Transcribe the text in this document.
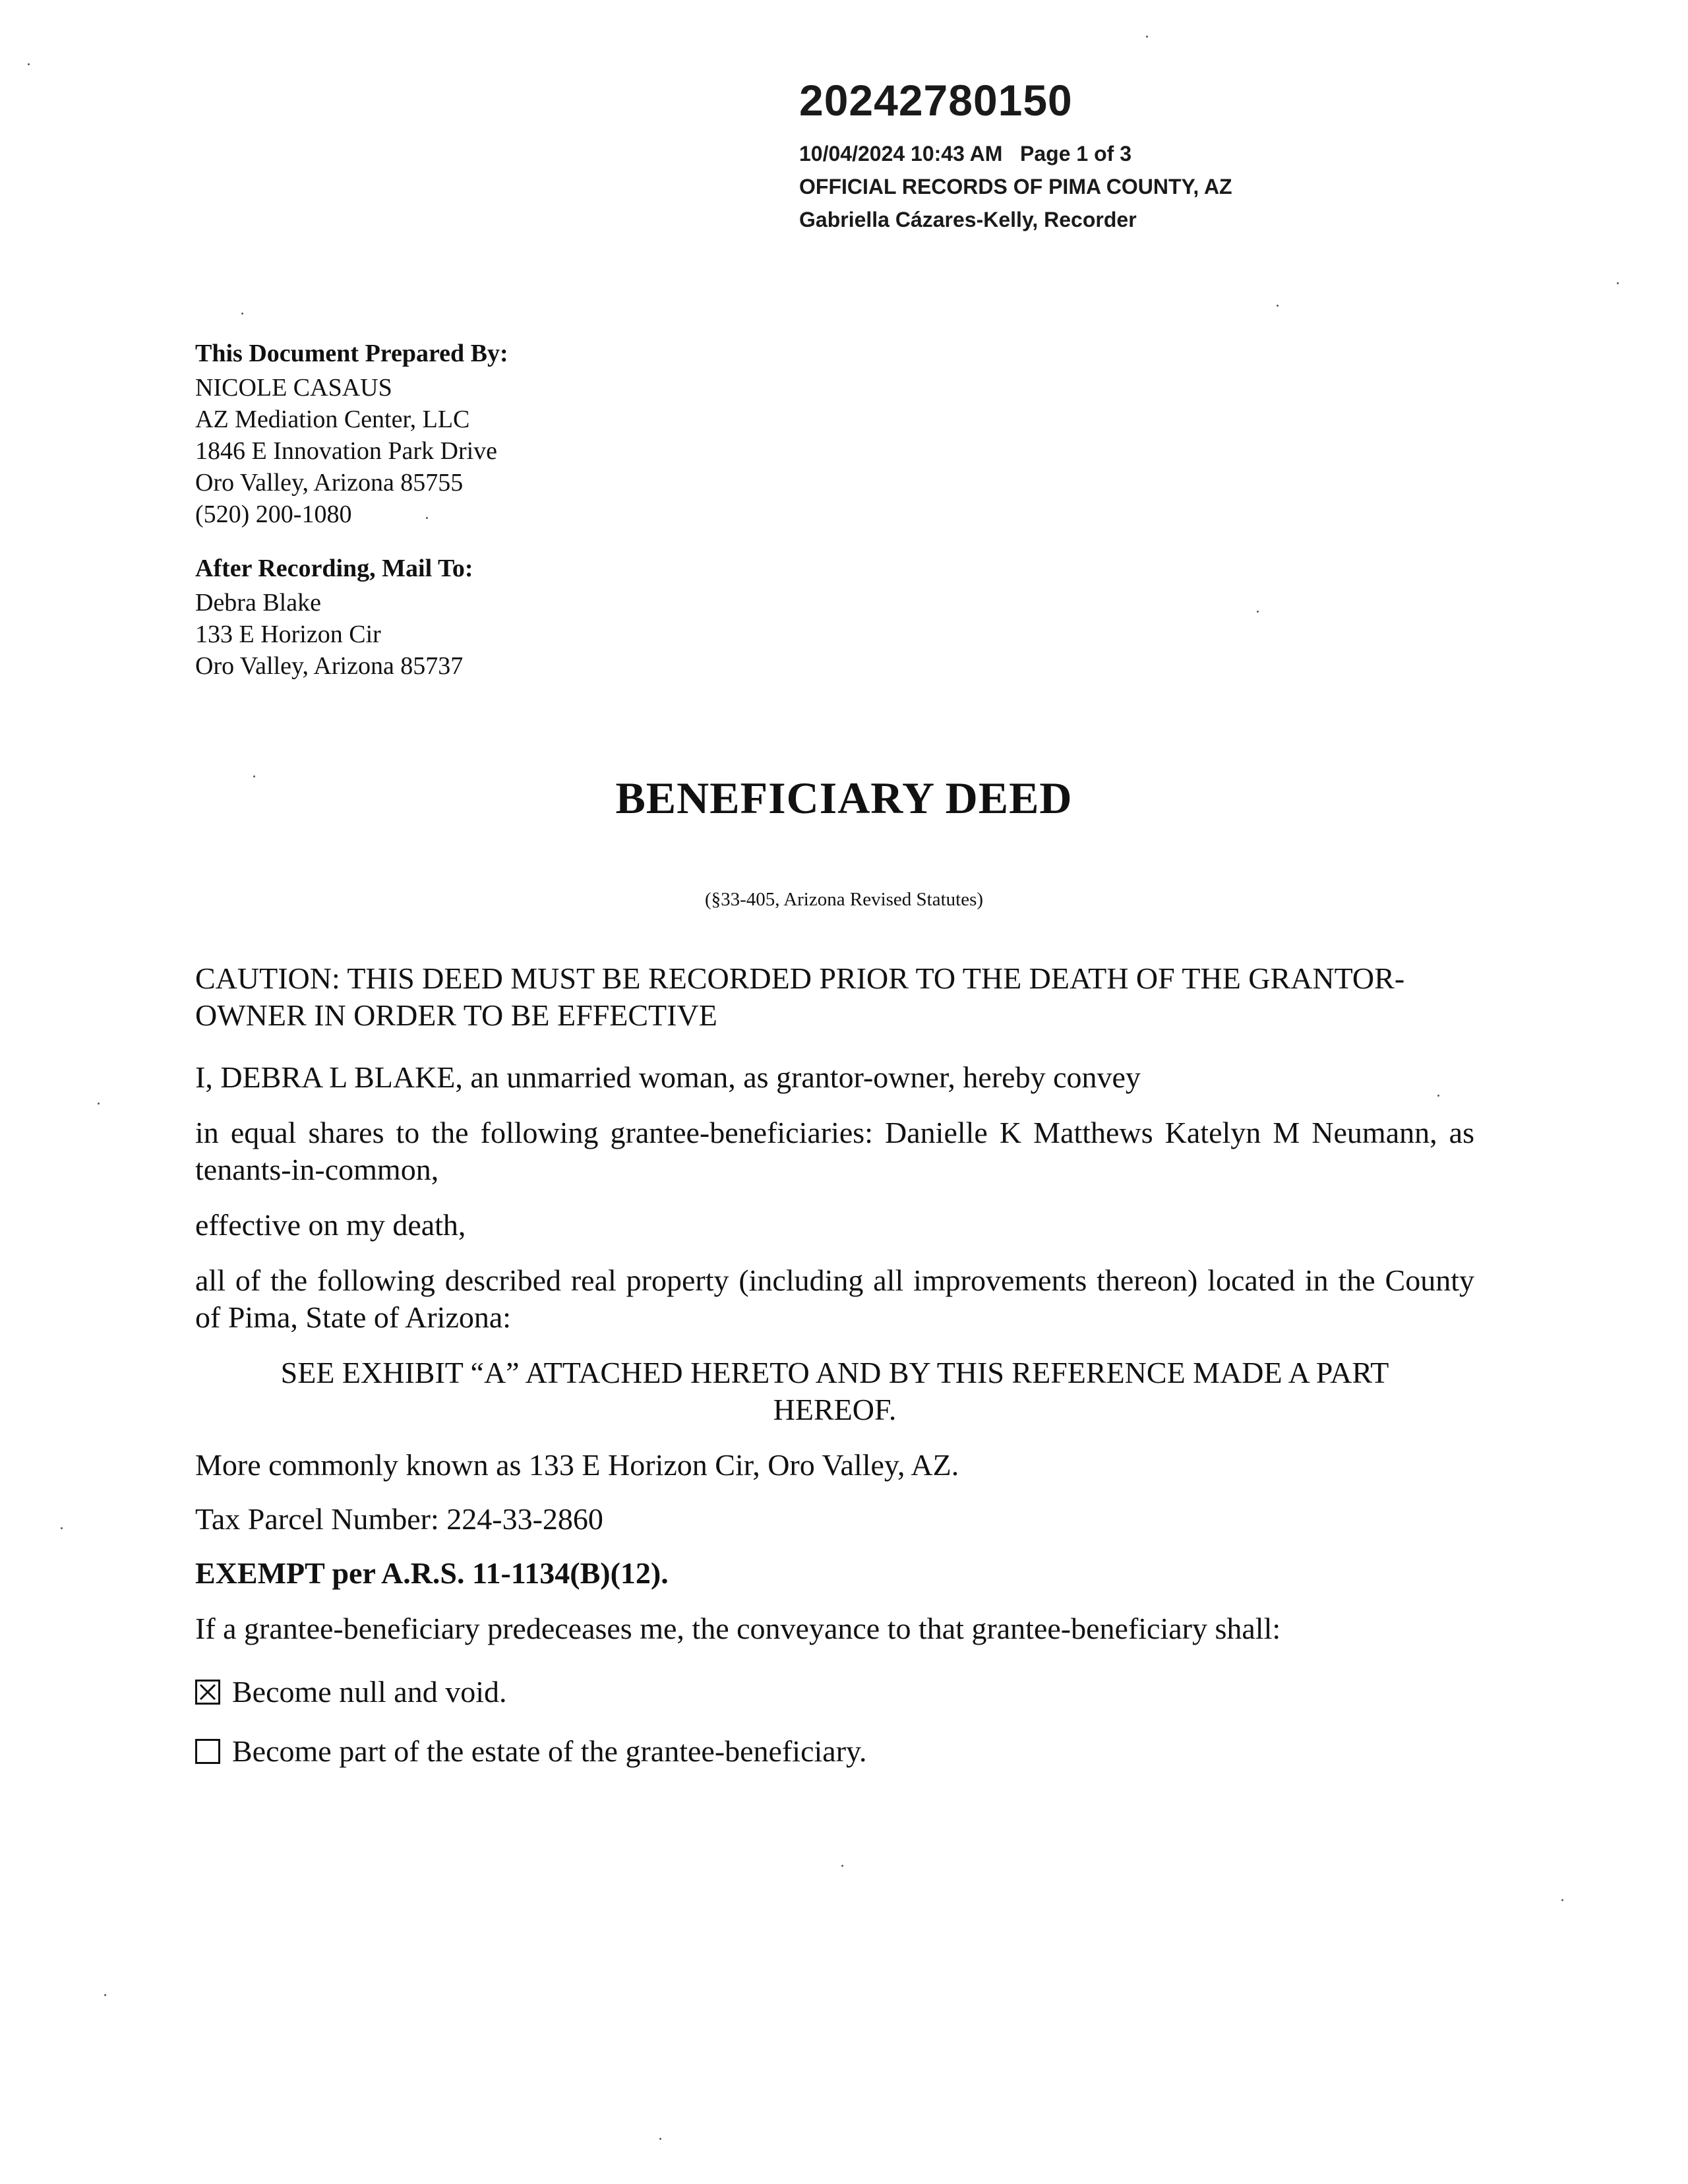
20242780150
10/04/2024 10:43 AM Page 1 of 3
OFFICIAL RECORDS OF PIMA COUNTY, AZ
Gabriella Cázares-Kelly, Recorder
This Document Prepared By:
NICOLE CASAUS
AZ Mediation Center, LLC
1846 E Innovation Park Drive
Oro Valley, Arizona 85755
(520) 200-1080
After Recording, Mail To:
Debra Blake
133 E Horizon Cir
Oro Valley, Arizona 85737
BENEFICIARY DEED
(§33-405, Arizona Revised Statutes)
CAUTION: THIS DEED MUST BE RECORDED PRIOR TO THE DEATH OF THE GRANTOR-OWNER IN ORDER TO BE EFFECTIVE
I, DEBRA L BLAKE, an unmarried woman, as grantor-owner, hereby convey
in equal shares to the following grantee-beneficiaries: Danielle K Matthews Katelyn M Neumann, as tenants-in-common,
effective on my death,
all of the following described real property (including all improvements thereon) located in the County of Pima, State of Arizona:
SEE EXHIBIT “A” ATTACHED HERETO AND BY THIS REFERENCE MADE A PART HEREOF.
More commonly known as 133 E Horizon Cir, Oro Valley, AZ.
Tax Parcel Number: 224-33-2860
EXEMPT per A.R.S. 11-1134(B)(12).
If a grantee-beneficiary predeceases me, the conveyance to that grantee-beneficiary shall:
Become null and void.
Become part of the estate of the grantee-beneficiary.
